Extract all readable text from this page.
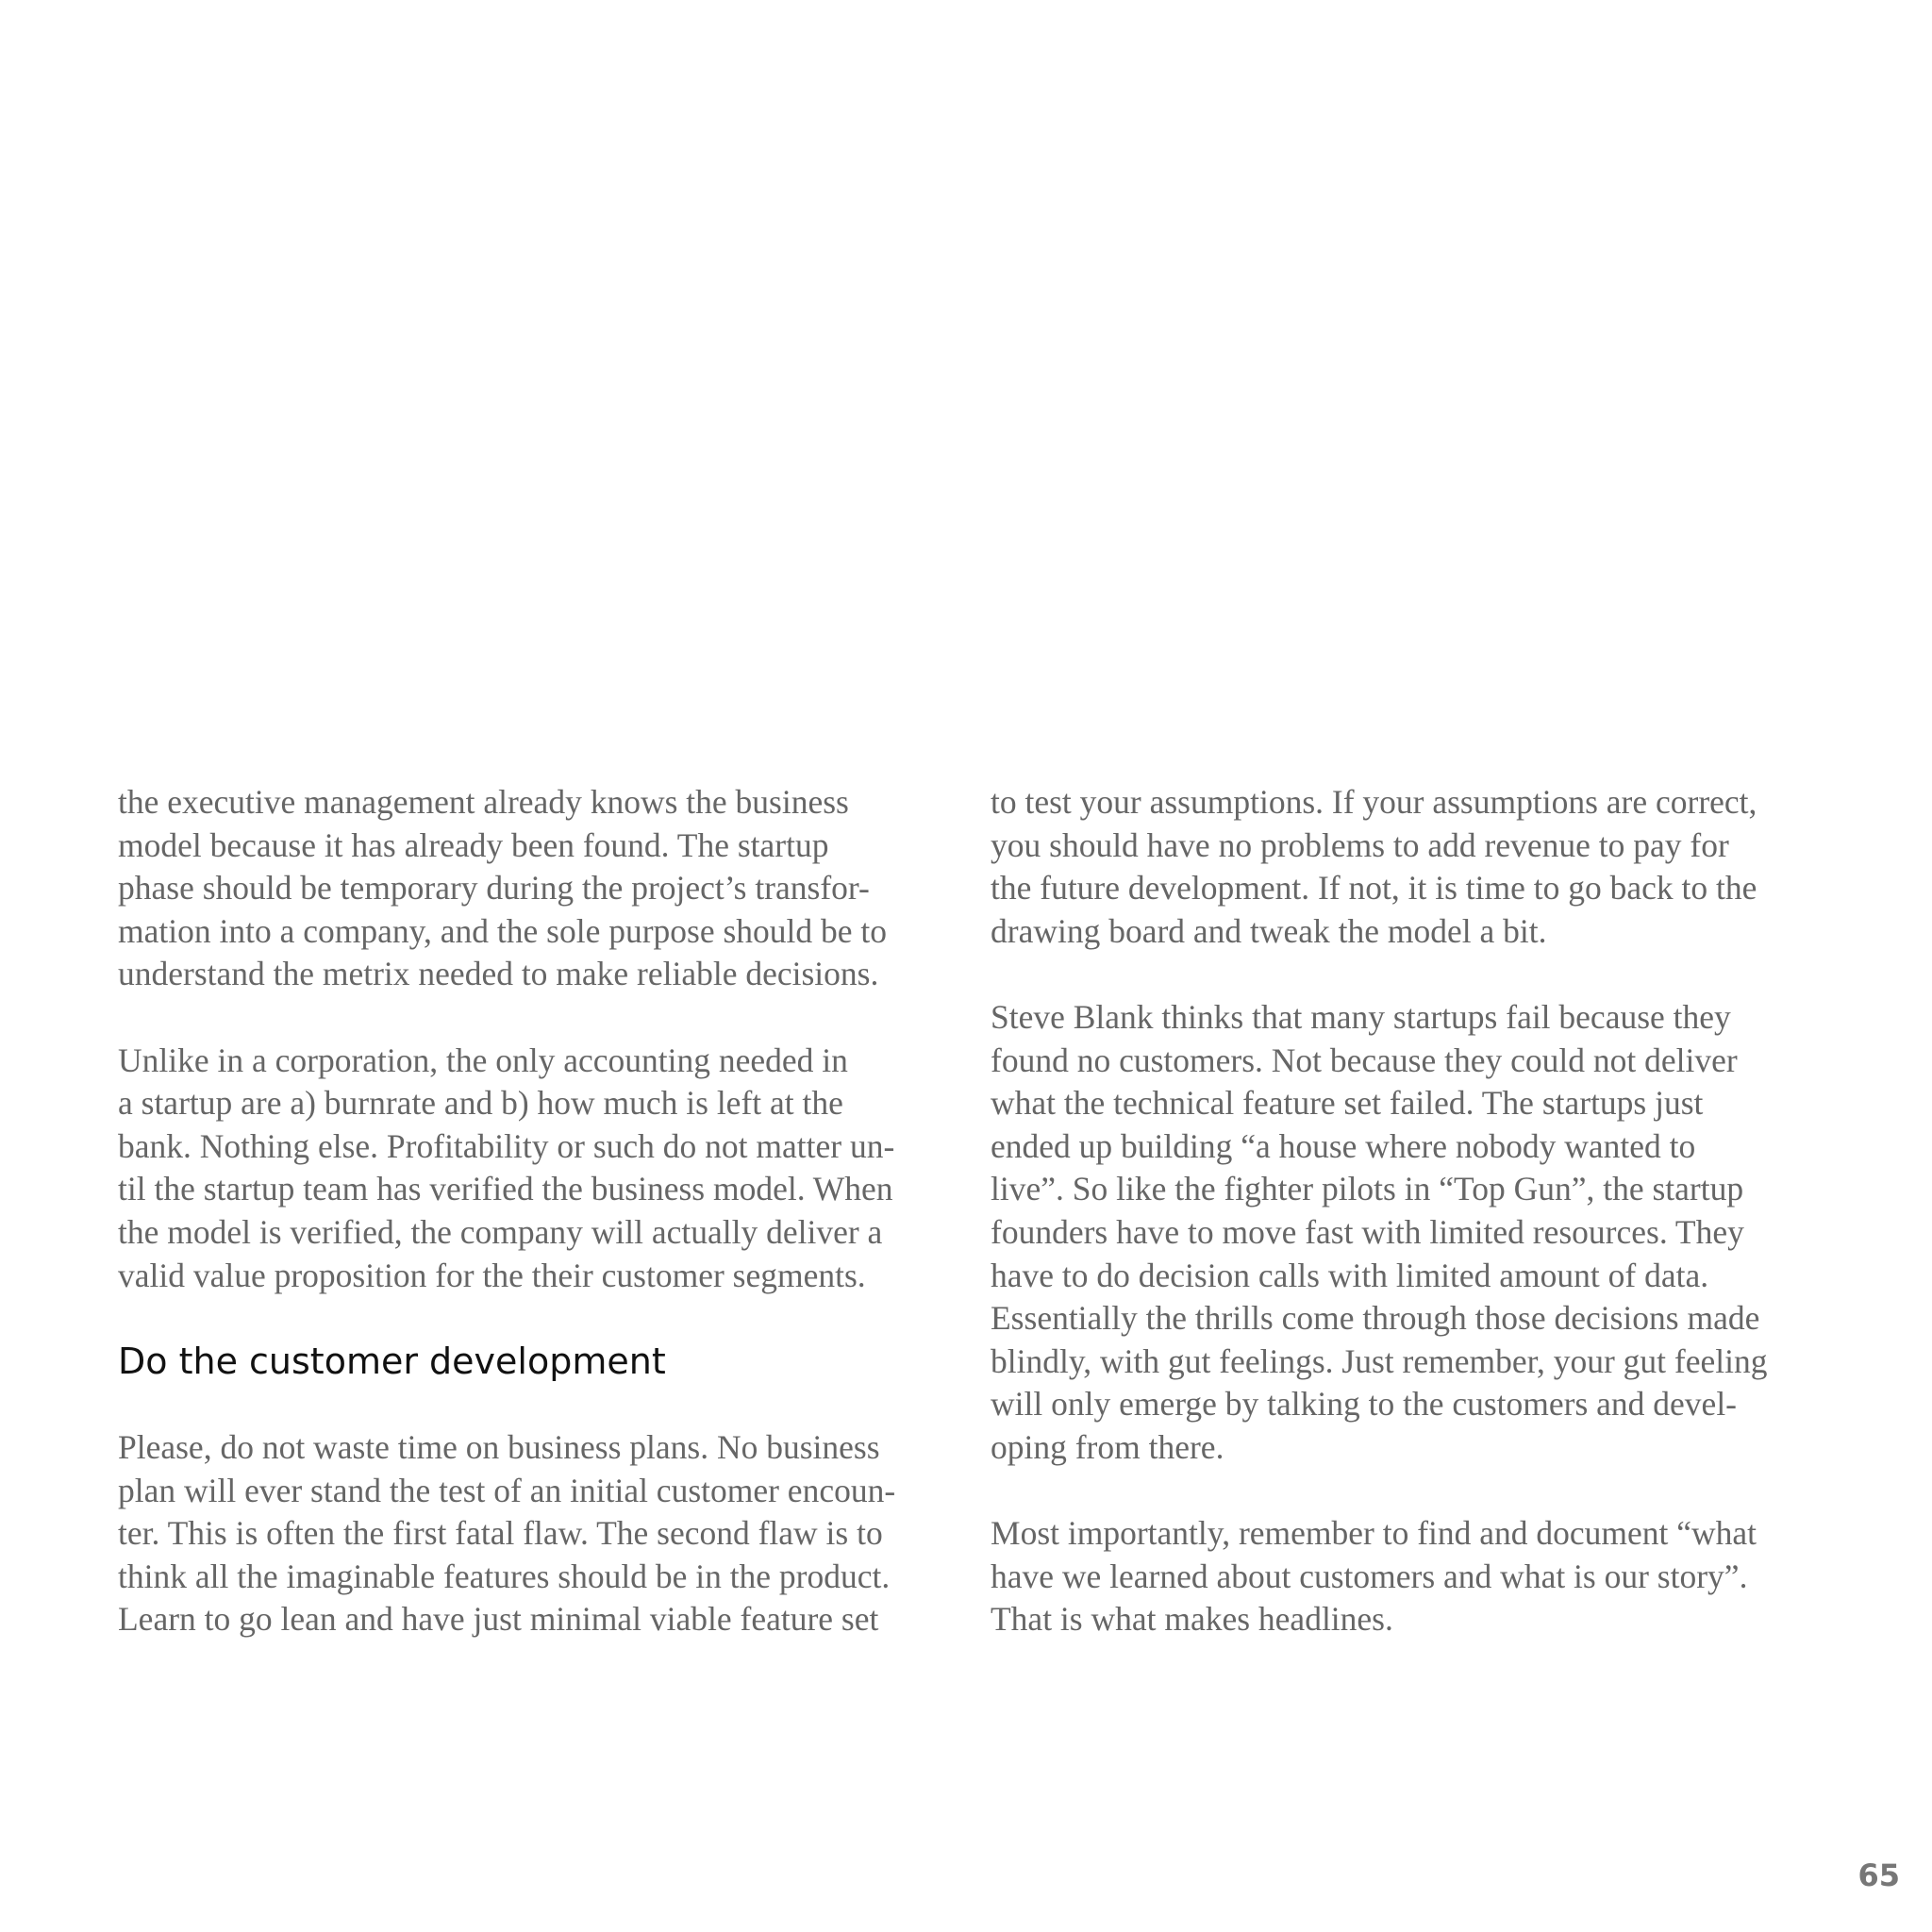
the executive management already knows the business
model because it has already been found. The startup
phase should be temporary during the project’s transfor-
mation into a company, and the sole purpose should be to
understand the metrix needed to make reliable decisions.
Unlike in a corporation, the only accounting needed in
a startup are a) burnrate and b) how much is left at the
bank. Nothing else. Profitability or such do not matter un-
til the startup team has verified the business model. When
the model is verified, the company will actually deliver a
valid value proposition for the their customer segments.
Do the customer development
Please, do not waste time on business plans. No business
plan will ever stand the test of an initial customer encoun-
ter. This is often the first fatal flaw. The second flaw is to
think all the imaginable features should be in the product.
Learn to go lean and have just minimal viable feature set
to test your assumptions. If your assumptions are correct,
you should have no problems to add revenue to pay for
the future development. If not, it is time to go back to the
drawing board and tweak the model a bit.
Steve Blank thinks that many startups fail because they
found no customers. Not because they could not deliver
what the technical feature set failed. The startups just
ended up building “a house where nobody wanted to
live”. So like the fighter pilots in “Top Gun”, the startup
founders have to move fast with limited resources. They
have to do decision calls with limited amount of data.
Essentially the thrills come through those decisions made
blindly, with gut feelings. Just remember, your gut feeling
will only emerge by talking to the customers and devel-
oping from there.
Most importantly, remember to find and document “what
have we learned about customers and what is our story”.
That is what makes headlines.
65
